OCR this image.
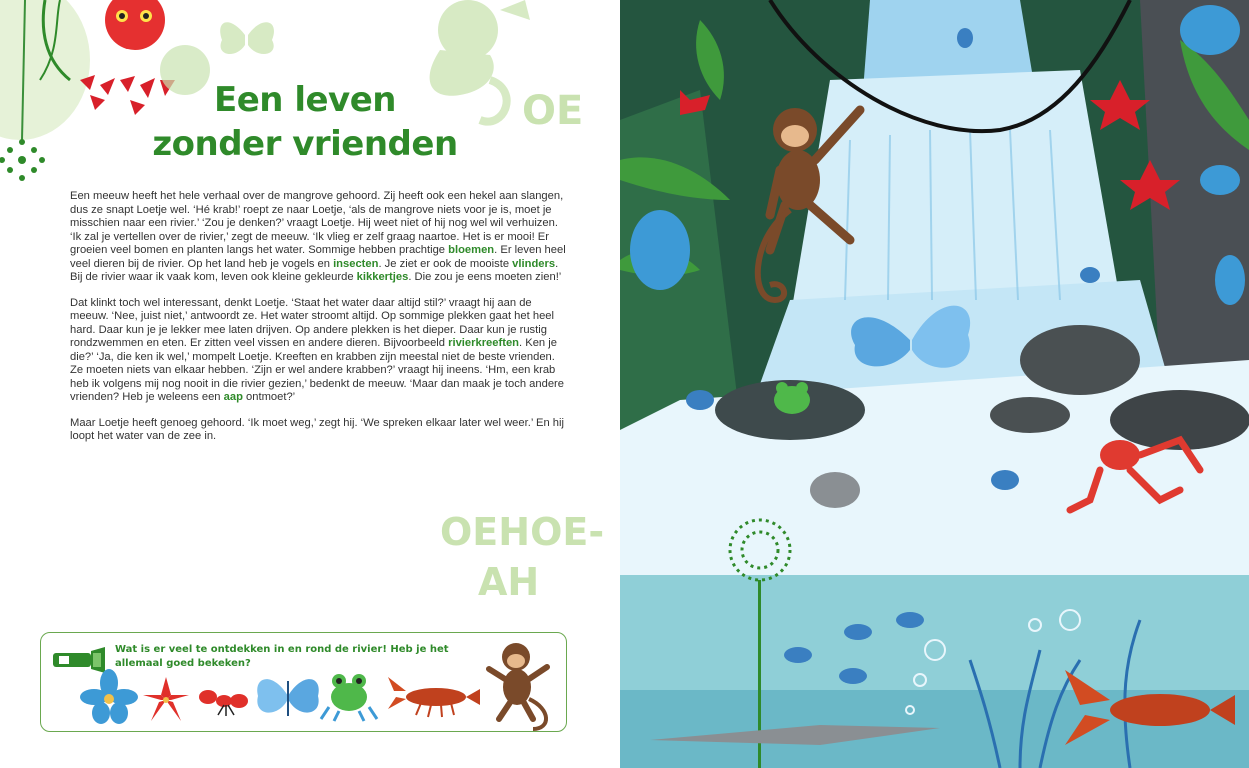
OE
Een leven
zonder vrienden

Een meeuw heeft het hele verhaal over de mangrove gehoord. Zij heeft ook een hekel aan slangen, dus ze snapt Loetje wel. ‘Hé krab!’ roept ze naar Loetje, ‘als de mangrove niets voor je is, moet je misschien naar een rivier.’ ‘Zou je denken?’ vraagt Loetje. Hij weet niet of hij nog wel wil verhuizen. ‘Ik zal je vertellen over de rivier,’ zegt de meeuw. ‘Ik vlieg er zelf graag naartoe. Het is er mooi! Er groeien veel bomen en planten langs het water. Sommige hebben prachtige bloemen. Er leven heel veel dieren bij de rivier. Op het land heb je vogels en insecten. Je ziet er ook de mooiste vlinders. Bij de rivier waar ik vaak kom, leven ook kleine gekleurde kikkertjes. Die zou je eens moeten zien!’

Dat klinkt toch wel interessant, denkt Loetje. ‘Staat het water daar altijd stil?’ vraagt hij aan de meeuw. ‘Nee, juist niet,’ antwoordt ze. Het water stroomt altijd. Op sommige plekken gaat het heel hard. Daar kun je je lekker mee laten drijven. Op andere plekken is het dieper. Daar kun je rustig rondzwemmen en eten. Er zitten veel vissen en andere dieren. Bijvoorbeeld rivierkreeften. Ken je die?’ ‘Ja, die ken ik wel,’ mompelt Loetje. Kreeften en krabben zijn meestal niet de beste vrienden. Ze moeten niets van elkaar hebben. ‘Zijn er wel andere krabben?’ vraagt hij ineens. ‘Hm, een krab heb ik volgens mij nog nooit in die rivier gezien,’ bedenkt de meeuw. ‘Maar dan maak je toch andere vrienden? Heb je weleens een aap ontmoet?’

Maar Loetje heeft genoeg gehoord. ‘Ik moet weg,’ zegt hij. ‘We spreken elkaar later wel weer.’ En hij loopt het water van de zee in.

OEHOE-
AH
Wat is er veel te ontdekken in en rond de rivier! Heb je het allemaal goed bekeken?
